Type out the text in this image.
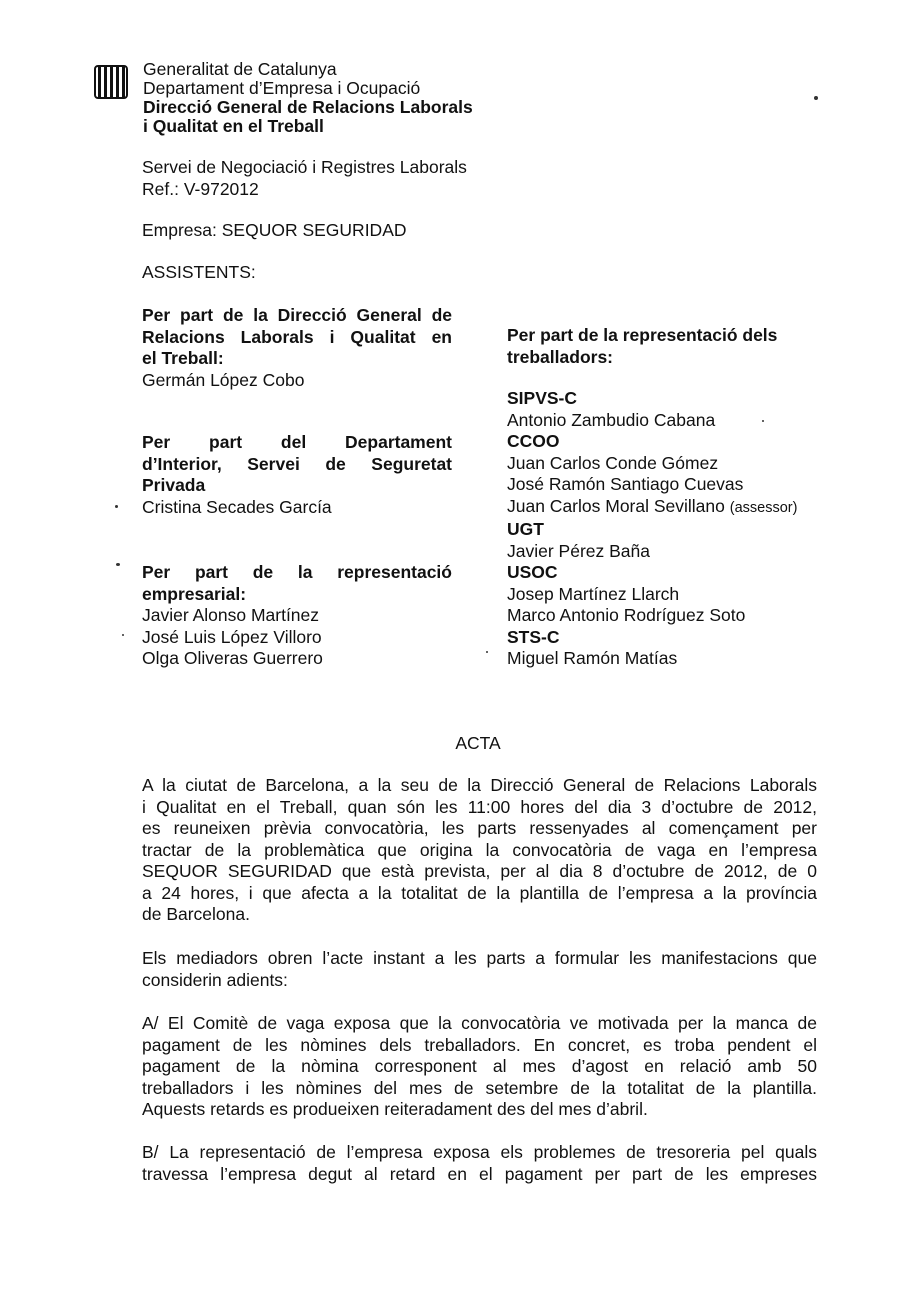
Generalitat de Catalunya
Departament d’Empresa i Ocupació
Direcció General de Relacions Laborals
i Qualitat en el Treball
Servei de Negociació i Registres Laborals
Ref.: V-972012
Empresa: SEQUOR SEGURIDAD
ASSISTENTS:
Per part de la Direcció General de
Relacions Laborals i Qualitat en
el Treball:
Germán López Cobo
Per part del Departament
d’Interior, Servei de Seguretat
Privada
Cristina Secades García
Per part de la representació
empresarial:
Javier Alonso Martínez
José Luis López Villoro
Olga Oliveras Guerrero
Per part de la representació dels
treballadors:
SIPVS-C
Antonio Zambudio Cabana
CCOO
Juan Carlos Conde Gómez
José Ramón Santiago Cuevas
Juan Carlos Moral Sevillano (assessor)
UGT
Javier Pérez Baña
USOC
Josep Martínez Llarch
Marco Antonio Rodríguez Soto
STS-C
Miguel Ramón Matías
ACTA
A la ciutat de Barcelona, a la seu de la Direcció General de Relacions Laborals
i Qualitat en el Treball, quan són les 11:00 hores del dia 3 d’octubre de 2012,
es reuneixen prèvia convocatòria, les parts ressenyades al començament per
tractar de la problemàtica que origina la convocatòria de vaga en l’empresa
SEQUOR SEGURIDAD que està prevista, per al dia 8 d’octubre de 2012, de 0
a 24 hores, i que afecta a la totalitat de la plantilla de l’empresa a la província
de Barcelona.
Els mediadors obren l’acte instant a les parts a formular les manifestacions que
considerin adients:
A/ El Comitè de vaga exposa que la convocatòria ve motivada per la manca de
pagament de les nòmines dels treballadors. En concret, es troba pendent el
pagament de la nòmina corresponent al mes d’agost en relació amb 50
treballadors i les nòmines del mes de setembre de la totalitat de la plantilla.
Aquests retards es produeixen reiteradament des del mes d’abril.
B/ La representació de l’empresa exposa els problemes de tresoreria pel quals
travessa l’empresa degut al retard en el pagament per part de les empreses
